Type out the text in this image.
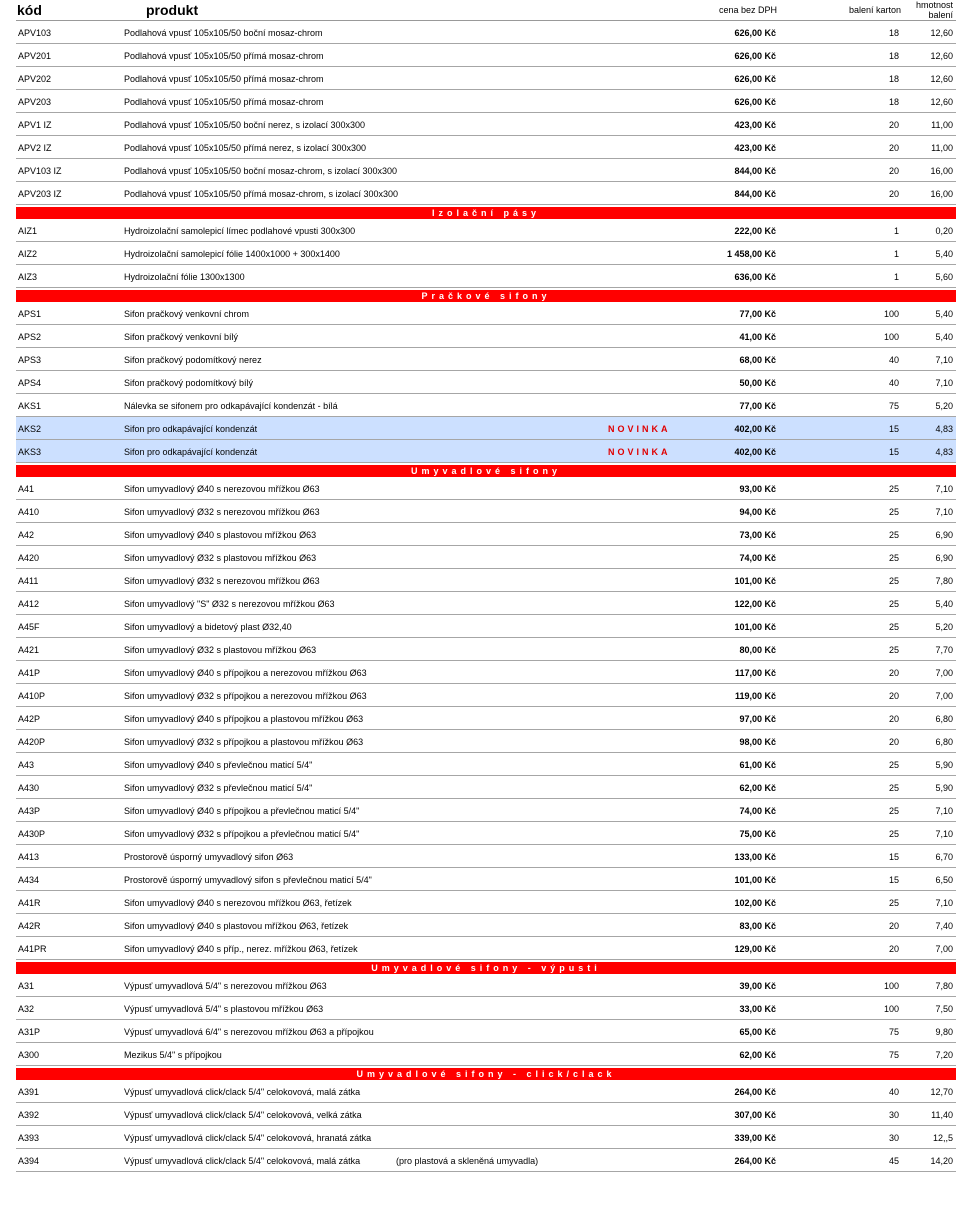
kód	produkt	cena bez DPH	balení karton	hmotnost balení
APV103	Podlahová vpusť 105x105/50 boční mosaz-chrom	626,00 Kč	18	12,60
APV201	Podlahová vpusť 105x105/50 přímá mosaz-chrom	626,00 Kč	18	12,60
APV202	Podlahová vpusť 105x105/50 přímá mosaz-chrom	626,00 Kč	18	12,60
APV203	Podlahová vpusť 105x105/50 přímá mosaz-chrom	626,00 Kč	18	12,60
APV1 IZ	Podlahová vpusť 105x105/50 boční nerez, s izolací 300x300	423,00 Kč	20	11,00
APV2 IZ	Podlahová vpusť 105x105/50 přímá nerez, s izolací 300x300	423,00 Kč	20	11,00
APV103 IZ	Podlahová vpusť 105x105/50 boční mosaz-chrom, s izolací 300x300	844,00 Kč	20	16,00
APV203 IZ	Podlahová vpusť 105x105/50 přímá mosaz-chrom, s izolací 300x300	844,00 Kč	20	16,00
Izolační pásy
AIZ1	Hydroizolační samolepicí límec podlahové vpusti 300x300	222,00 Kč	1	0,20
AIZ2	Hydroizolační samolepicí fólie 1400x1000 + 300x1400	1 458,00 Kč	1	5,40
AIZ3	Hydroizolační fólie 1300x1300	636,00 Kč	1	5,60
Pračkové sifony
APS1	Sifon pračkový venkovní chrom	77,00 Kč	100	5,40
APS2	Sifon pračkový venkovní bílý	41,00 Kč	100	5,40
APS3	Sifon pračkový podomítkový nerez	68,00 Kč	40	7,10
APS4	Sifon pračkový podomítkový bílý	50,00 Kč	40	7,10
AKS1	Nálevka se sifonem pro odkapávající kondenzát - bílá	77,00 Kč	75	5,20
AKS2	Sifon pro odkapávající kondenzát	NOVINKA	402,00 Kč	15	4,83
AKS3	Sifon pro odkapávající kondenzát	NOVINKA	402,00 Kč	15	4,83
Umyvadlové sifony
A41	Sifon umyvadlový Ø40 s nerezovou mřížkou Ø63	93,00 Kč	25	7,10
A410	Sifon umyvadlový Ø32 s nerezovou mřížkou Ø63	94,00 Kč	25	7,10
A42	Sifon umyvadlový Ø40 s plastovou mřížkou Ø63	73,00 Kč	25	6,90
A420	Sifon umyvadlový Ø32 s plastovou mřížkou Ø63	74,00 Kč	25	6,90
A411	Sifon umyvadlový Ø32 s nerezovou mřížkou Ø63	101,00 Kč	25	7,80
A412	Sifon umyvadlový "S" Ø32 s nerezovou mřížkou Ø63	122,00 Kč	25	5,40
A45F	Sifon umyvadlový a bidetový plast Ø32,40	101,00 Kč	25	5,20
A421	Sifon umyvadlový Ø32 s plastovou mřížkou Ø63	80,00 Kč	25	7,70
A41P	Sifon umyvadlový Ø40 s přípojkou a nerezovou mřížkou Ø63	117,00 Kč	20	7,00
A410P	Sifon umyvadlový Ø32 s přípojkou a nerezovou mřížkou Ø63	119,00 Kč	20	7,00
A42P	Sifon umyvadlový Ø40 s přípojkou a plastovou mřížkou Ø63	97,00 Kč	20	6,80
A420P	Sifon umyvadlový Ø32 s přípojkou a plastovou mřížkou Ø63	98,00 Kč	20	6,80
A43	Sifon umyvadlový Ø40 s převlečnou maticí 5/4"	61,00 Kč	25	5,90
A430	Sifon umyvadlový Ø32 s převlečnou maticí 5/4"	62,00 Kč	25	5,90
A43P	Sifon umyvadlový Ø40 s přípojkou a převlečnou maticí 5/4"	74,00 Kč	25	7,10
A430P	Sifon umyvadlový Ø32 s přípojkou a převlečnou maticí 5/4"	75,00 Kč	25	7,10
A413	Prostorově úsporný umyvadlový sifon Ø63	133,00 Kč	15	6,70
A434	Prostorově úsporný umyvadlový sifon s převlečnou maticí 5/4"	101,00 Kč	15	6,50
A41R	Sifon umyvadlový Ø40 s nerezovou mřížkou Ø63, řetízek	102,00 Kč	25	7,10
A42R	Sifon umyvadlový Ø40 s plastovou mřížkou Ø63, řetízek	83,00 Kč	20	7,40
A41PR	Sifon umyvadlový Ø40 s příp., nerez. mřížkou Ø63, řetízek	129,00 Kč	20	7,00
Umyvadlové sifony - výpusti
A31	Výpusť umyvadlová 5/4" s nerezovou mřížkou Ø63	39,00 Kč	100	7,80
A32	Výpusť umyvadlová 5/4" s plastovou mřížkou Ø63	33,00 Kč	100	7,50
A31P	Výpusť umyvadlová 6/4" s nerezovou mřížkou Ø63 a přípojkou	65,00 Kč	75	9,80
A300	Mezikus 5/4" s přípojkou	62,00 Kč	75	7,20
Umyvadlové sifony - click/clack
A391	Výpusť umyvadlová click/clack 5/4" celokovová, malá zátka	264,00 Kč	40	12,70
A392	Výpusť umyvadlová click/clack 5/4" celokovová, velká zátka	307,00 Kč	30	11,40
A393	Výpusť umyvadlová click/clack 5/4" celokovová, hranatá zátka	339,00 Kč	30	12,,5
A394	Výpusť umyvadlová click/clack 5/4" celokovová, malá zátka	(pro plastová a skleněná umyvadla)	264,00 Kč	45	14,20
